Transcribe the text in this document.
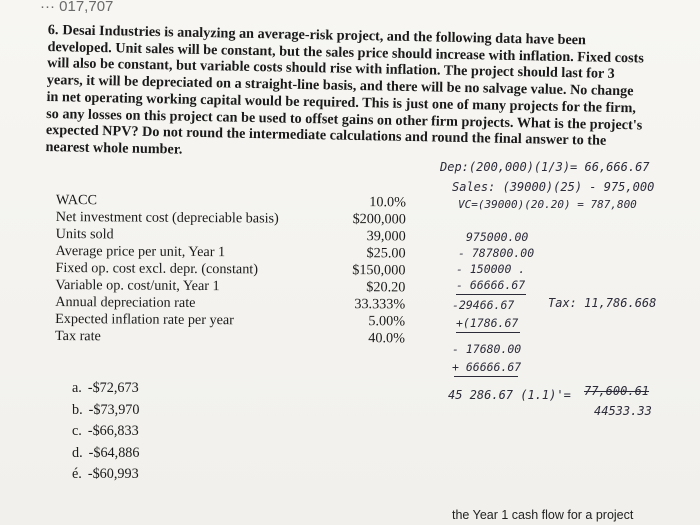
··· 017,707
6. Desai Industries is analyzing an average-risk project, and the following data have been developed. Unit sales will be constant, but the sales price should increase with inflation. Fixed costs will also be constant, but variable costs should rise with inflation. The project should last for 3 years, it will be depreciated on a straight-line basis, and there will be no salvage value. No change in net operating working capital would be required. This is just one of many projects for the firm, so any losses on this project can be used to offset gains on other firm projects. What is the project's expected NPV? Do not round the intermediate calculations and round the final answer to the nearest whole number.
WACC	10.0%
Net investment cost (depreciable basis)	$200,000
Units sold	39,000
Average price per unit, Year 1	$25.00
Fixed op. cost excl. depr. (constant)	$150,000
Variable op. cost/unit, Year 1	$20.20
Annual depreciation rate	33.333%
Expected inflation rate per year	5.00%
Tax rate	40.0%
a. -$72,673
b. -$73,970
c. -$66,833
d. -$64,886
é. -$60,993
Dep:(200,000)(1/3)= 66,666.67
Sales: (39000)(25) - 975,000
VC=(39000)(20.20) = 787,800
975000.00
- 787800.00
- 150000 .
- 66666.67
-29466.67	Tax: 11,786.668
+(1786.67
- 17680.00
+ 66666.67
45 286.67 (1.1)'= 77,600.61
44533.33
the Year 1 cash flow for a project
